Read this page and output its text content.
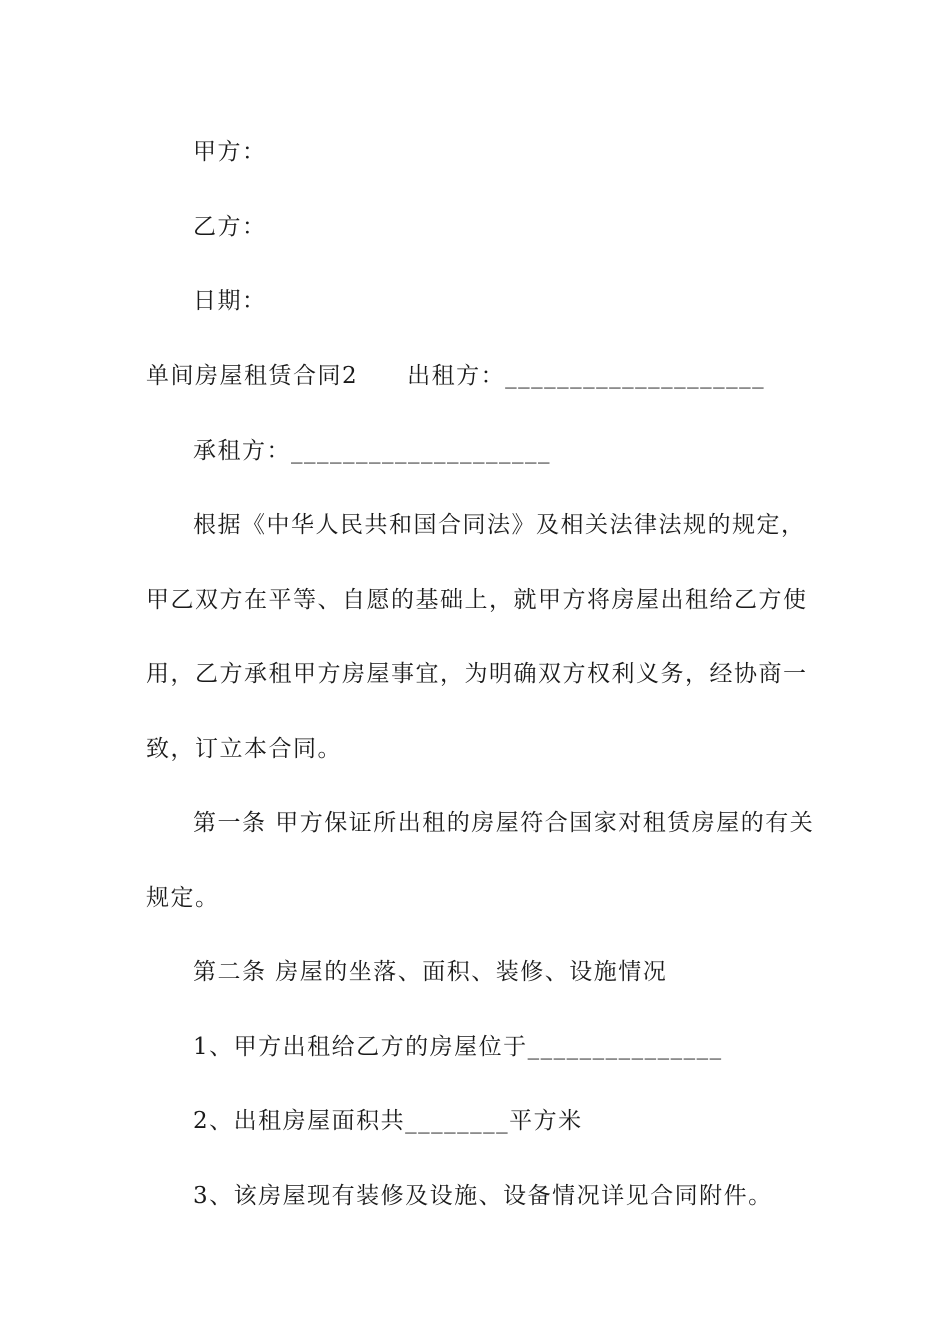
甲方：
乙方：
日期：
单间房屋租赁合同2　　出租方：____________________
承租方：____________________
根据《中华人民共和国合同法》及相关法律法规的规定，
甲乙双方在平等、自愿的基础上，就甲方将房屋出租给乙方使
用，乙方承租甲方房屋事宜，为明确双方权利义务，经协商一
致，订立本合同。
第一条 甲方保证所出租的房屋符合国家对租赁房屋的有关
规定。
第二条 房屋的坐落、面积、装修、设施情况
1、甲方出租给乙方的房屋位于_______________
2、出租房屋面积共________平方米
3、该房屋现有装修及设施、设备情况详见合同附件。
